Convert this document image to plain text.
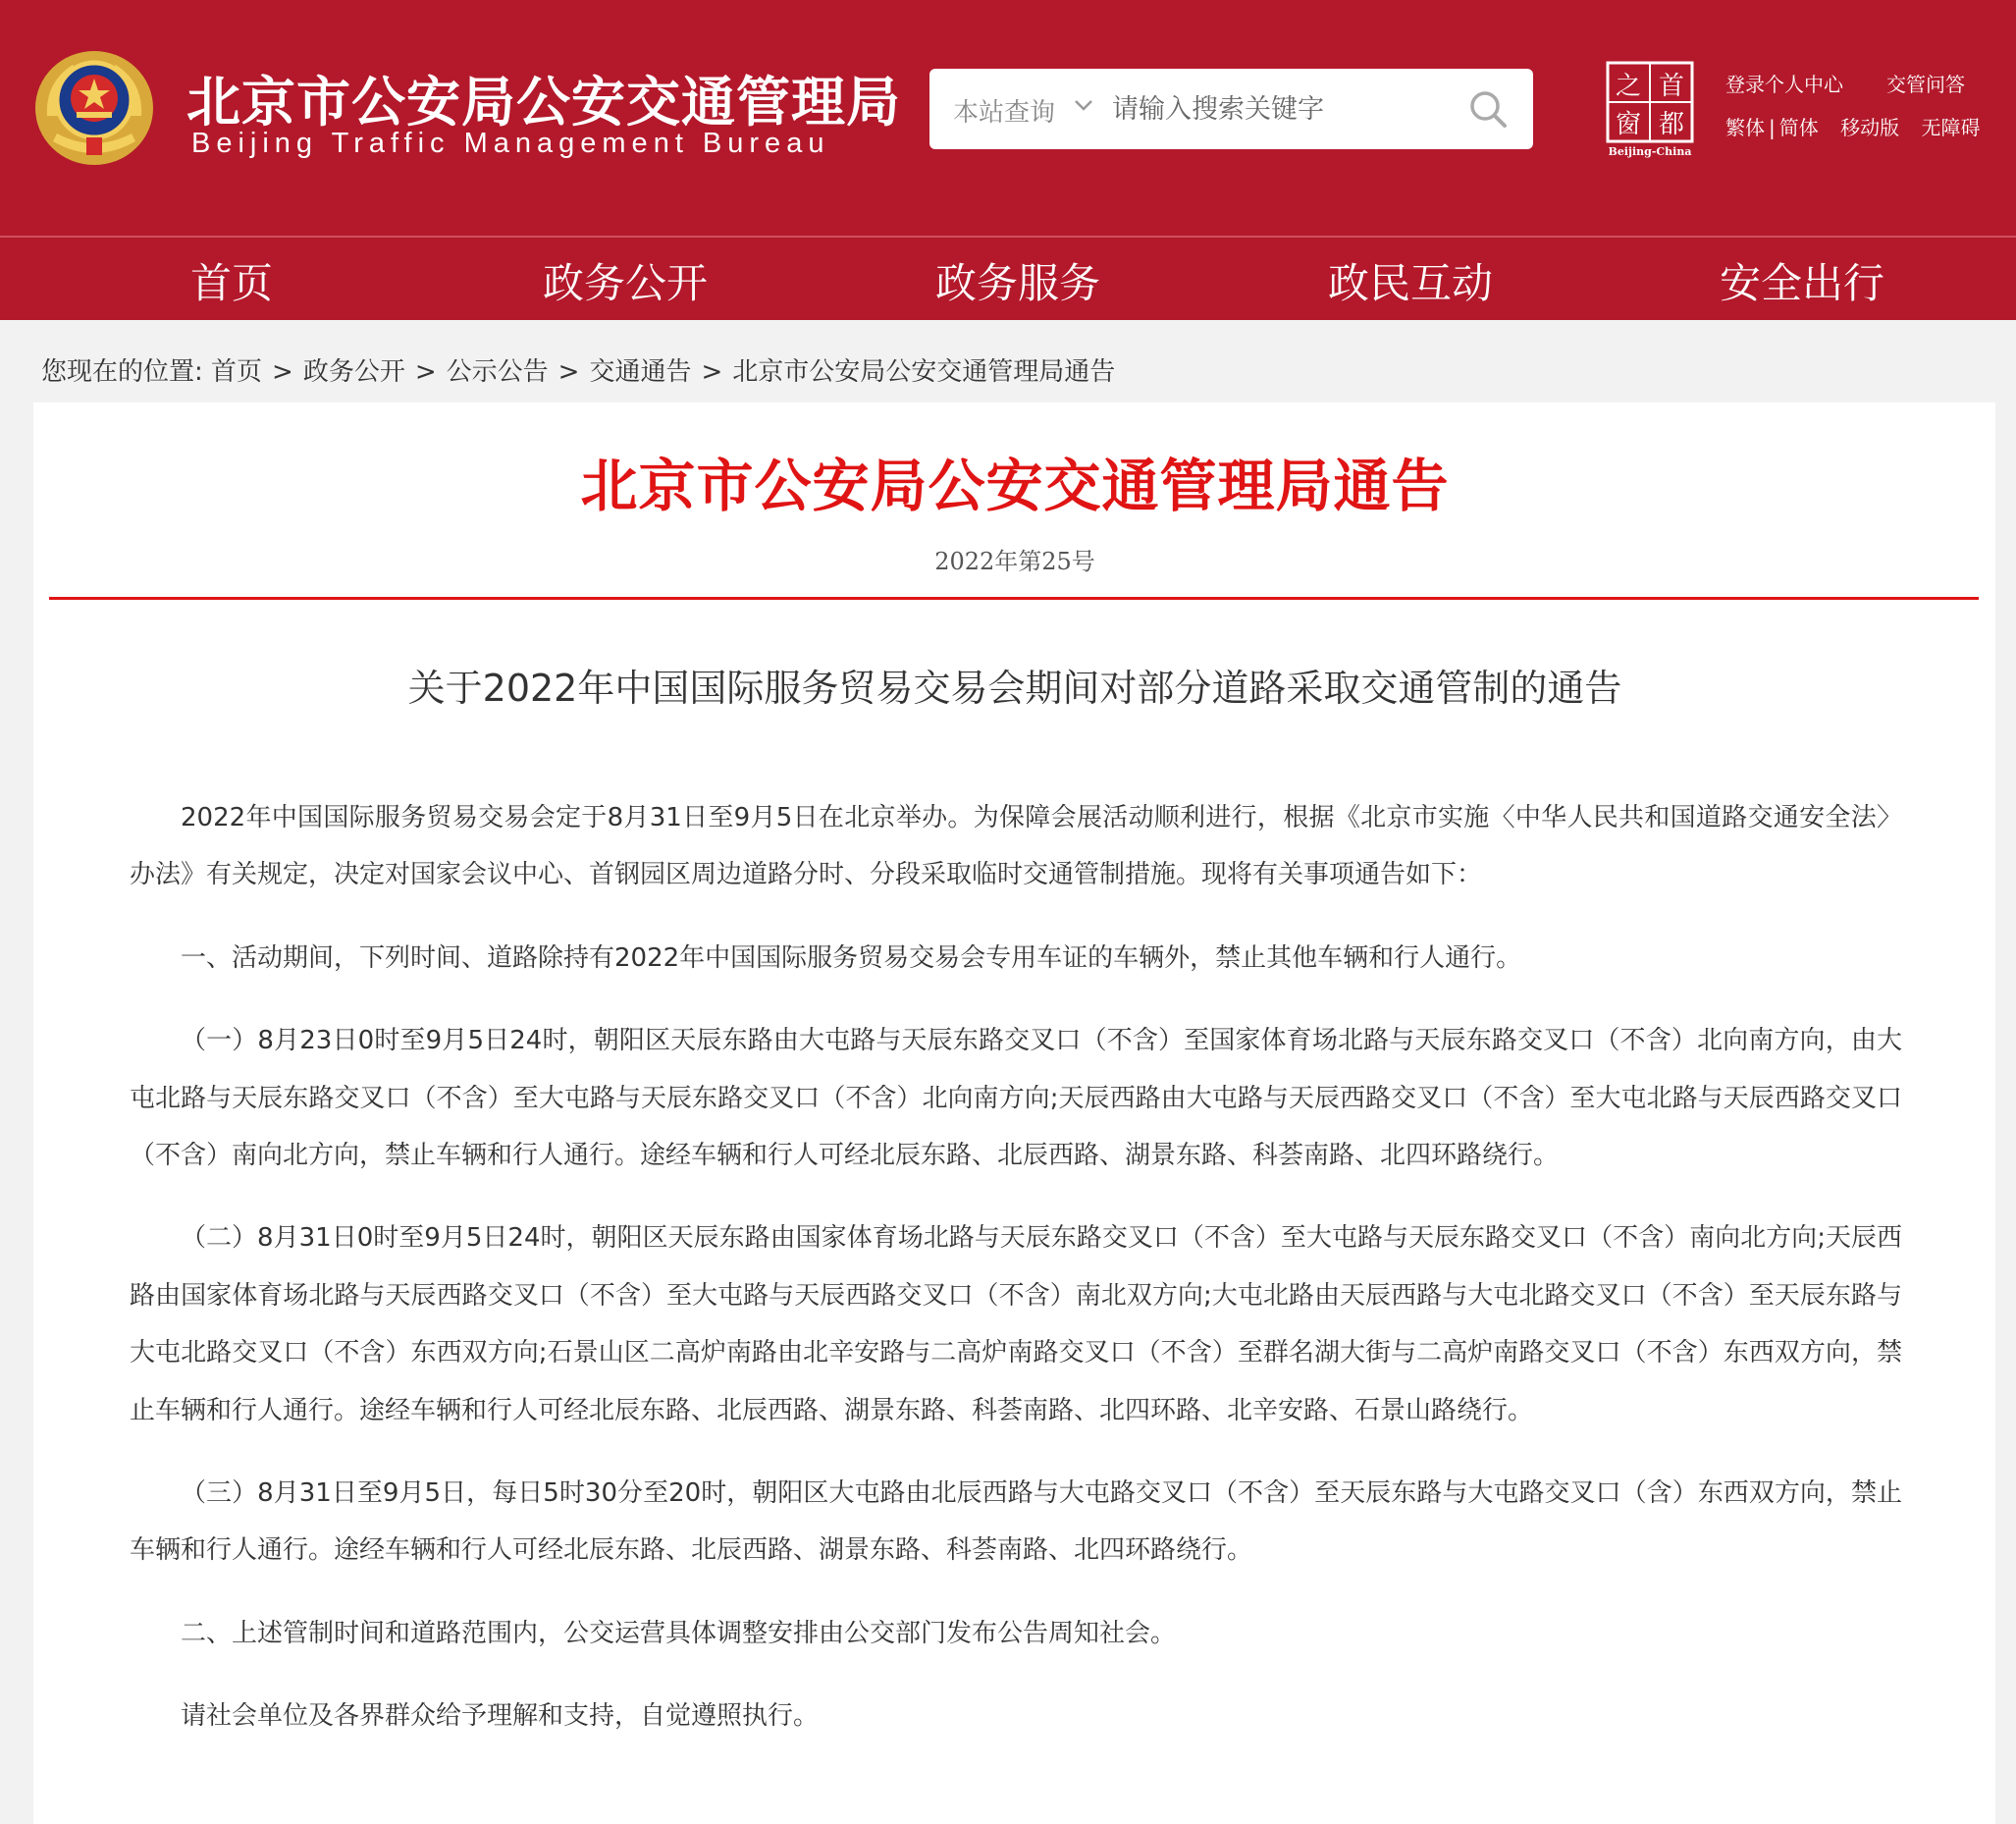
北京市公安局公安交通管理局
Beijing Traffic Management Bureau
本站查询
请输入搜索关键字
之 首
窗 都
Beijing-China
登录个人中心 交管问答
繁体 | 简体 移动版 无障碍
首页	政务公开	政务服务	政民互动	安全出行
您现在的位置: 首页 > 政务公开 > 公示公告 > 交通通告 > 北京市公安局公安交通管理局通告
北京市公安局公安交通管理局通告
2022年第25号
关于2022年中国国际服务贸易交易会期间对部分道路采取交通管制的通告

2022年中国国际服务贸易交易会定于8月31日至9月5日在北京举办。为保障会展活动顺利进行，根据《北京市实施〈中华人民共和国道路交通安全法〉办法》有关规定，决定对国家会议中心、首钢园区周边道路分时、分段采取临时交通管制措施。现将有关事项通告如下：

一、活动期间，下列时间、道路除持有2022年中国国际服务贸易交易会专用车证的车辆外，禁止其他车辆和行人通行。

（一）8月23日0时至9月5日24时，朝阳区天辰东路由大屯路与天辰东路交叉口（不含）至国家体育场北路与天辰东路交叉口（不含）北向南方向，由大屯北路与天辰东路交叉口（不含）至大屯路与天辰东路交叉口（不含）北向南方向;天辰西路由大屯路与天辰西路交叉口（不含）至大屯北路与天辰西路交叉口（不含）南向北方向，禁止车辆和行人通行。途经车辆和行人可经北辰东路、北辰西路、湖景东路、科荟南路、北四环路绕行。

（二）8月31日0时至9月5日24时，朝阳区天辰东路由国家体育场北路与天辰东路交叉口（不含）至大屯路与天辰东路交叉口（不含）南向北方向;天辰西路由国家体育场北路与天辰西路交叉口（不含）至大屯路与天辰西路交叉口（不含）南北双方向;大屯北路由天辰西路与大屯北路交叉口（不含）至天辰东路与大屯北路交叉口（不含）东西双方向;石景山区二高炉南路由北辛安路与二高炉南路交叉口（不含）至群名湖大街与二高炉南路交叉口（不含）东西双方向，禁止车辆和行人通行。途经车辆和行人可经北辰东路、北辰西路、湖景东路、科荟南路、北四环路、北辛安路、石景山路绕行。

（三）8月31日至9月5日，每日5时30分至20时，朝阳区大屯路由北辰西路与大屯路交叉口（不含）至天辰东路与大屯路交叉口（含）东西双方向，禁止车辆和行人通行。途经车辆和行人可经北辰东路、北辰西路、湖景东路、科荟南路、北四环路绕行。

二、上述管制时间和道路范围内，公交运营具体调整安排由公交部门发布公告周知社会。

请社会单位及各界群众给予理解和支持，自觉遵照执行。
